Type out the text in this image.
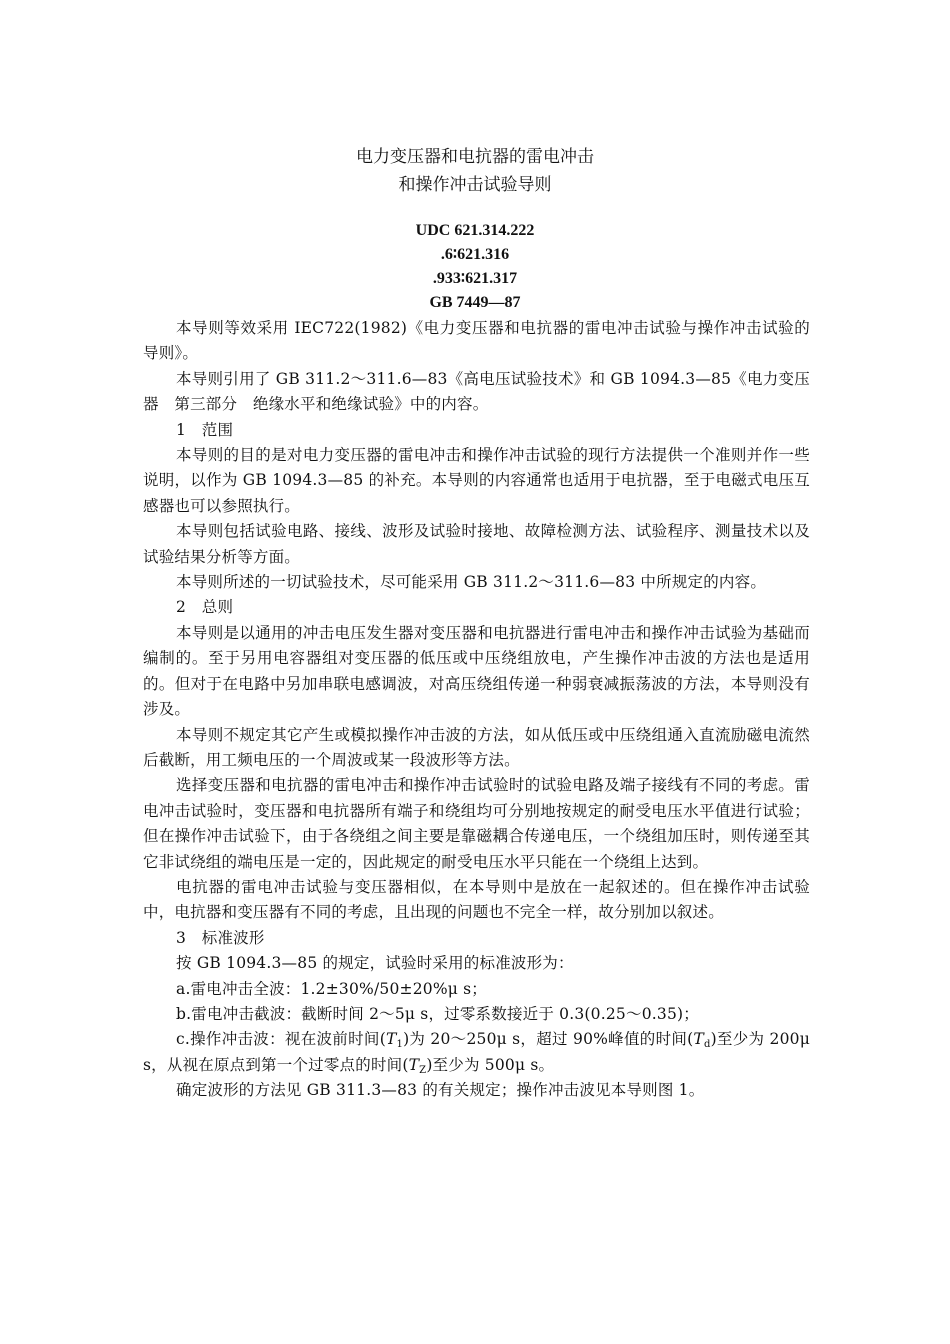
电力变压器和电抗器的雷电冲击
和操作冲击试验导则
UDC 621.314.222
.6∶621.316
.933∶621.317
GB 7449—87

本导则等效采用 IEC722(1982)《电力变压器和电抗器的雷电冲击试验与操作冲击试验的导则》。

本导则引用了 GB 311.2～311.6—83《高电压试验技术》和 GB 1094.3—85《电力变压器　第三部分　绝缘水平和绝缘试验》中的内容。

1　范围

本导则的目的是对电力变压器的雷电冲击和操作冲击试验的现行方法提供一个准则并作一些说明，以作为 GB 1094.3—85 的补充。本导则的内容通常也适用于电抗器，至于电磁式电压互感器也可以参照执行。

本导则包括试验电路、接线、波形及试验时接地、故障检测方法、试验程序、测量技术以及试验结果分析等方面。

本导则所述的一切试验技术，尽可能采用 GB 311.2～311.6—83 中所规定的内容。

2　总则

本导则是以通用的冲击电压发生器对变压器和电抗器进行雷电冲击和操作冲击试验为基础而编制的。至于另用电容器组对变压器的低压或中压绕组放电，产生操作冲击波的方法也是适用的。但对于在电路中另加串联电感调波，对高压绕组传递一种弱衰减振荡波的方法，本导则没有涉及。

本导则不规定其它产生或模拟操作冲击波的方法，如从低压或中压绕组通入直流励磁电流然后截断，用工频电压的一个周波或某一段波形等方法。

选择变压器和电抗器的雷电冲击和操作冲击试验时的试验电路及端子接线有不同的考虑。雷电冲击试验时，变压器和电抗器所有端子和绕组均可分别地按规定的耐受电压水平值进行试验；但在操作冲击试验下，由于各绕组之间主要是靠磁耦合传递电压，一个绕组加压时，则传递至其它非试绕组的端电压是一定的，因此规定的耐受电压水平只能在一个绕组上达到。

电抗器的雷电冲击试验与变压器相似，在本导则中是放在一起叙述的。但在操作冲击试验中，电抗器和变压器有不同的考虑，且出现的问题也不完全一样，故分别加以叙述。

3　标准波形

按 GB 1094.3—85 的规定，试验时采用的标准波形为：

a.雷电冲击全波：1.2±30%/50±20%μ s；

b.雷电冲击截波：截断时间 2～5μ s，过零系数接近于 0.3(0.25～0.35)；

c.操作冲击波：视在波前时间$(T_1)$为 20～250μ s，超过 90%峰值的时间$(T_d)$至少为 200μ s，从视在原点到第一个过零点的时间$(T_Z)$至少为 500μ s。

确定波形的方法见 GB 311.3—83 的有关规定；操作冲击波见本导则图 1。
